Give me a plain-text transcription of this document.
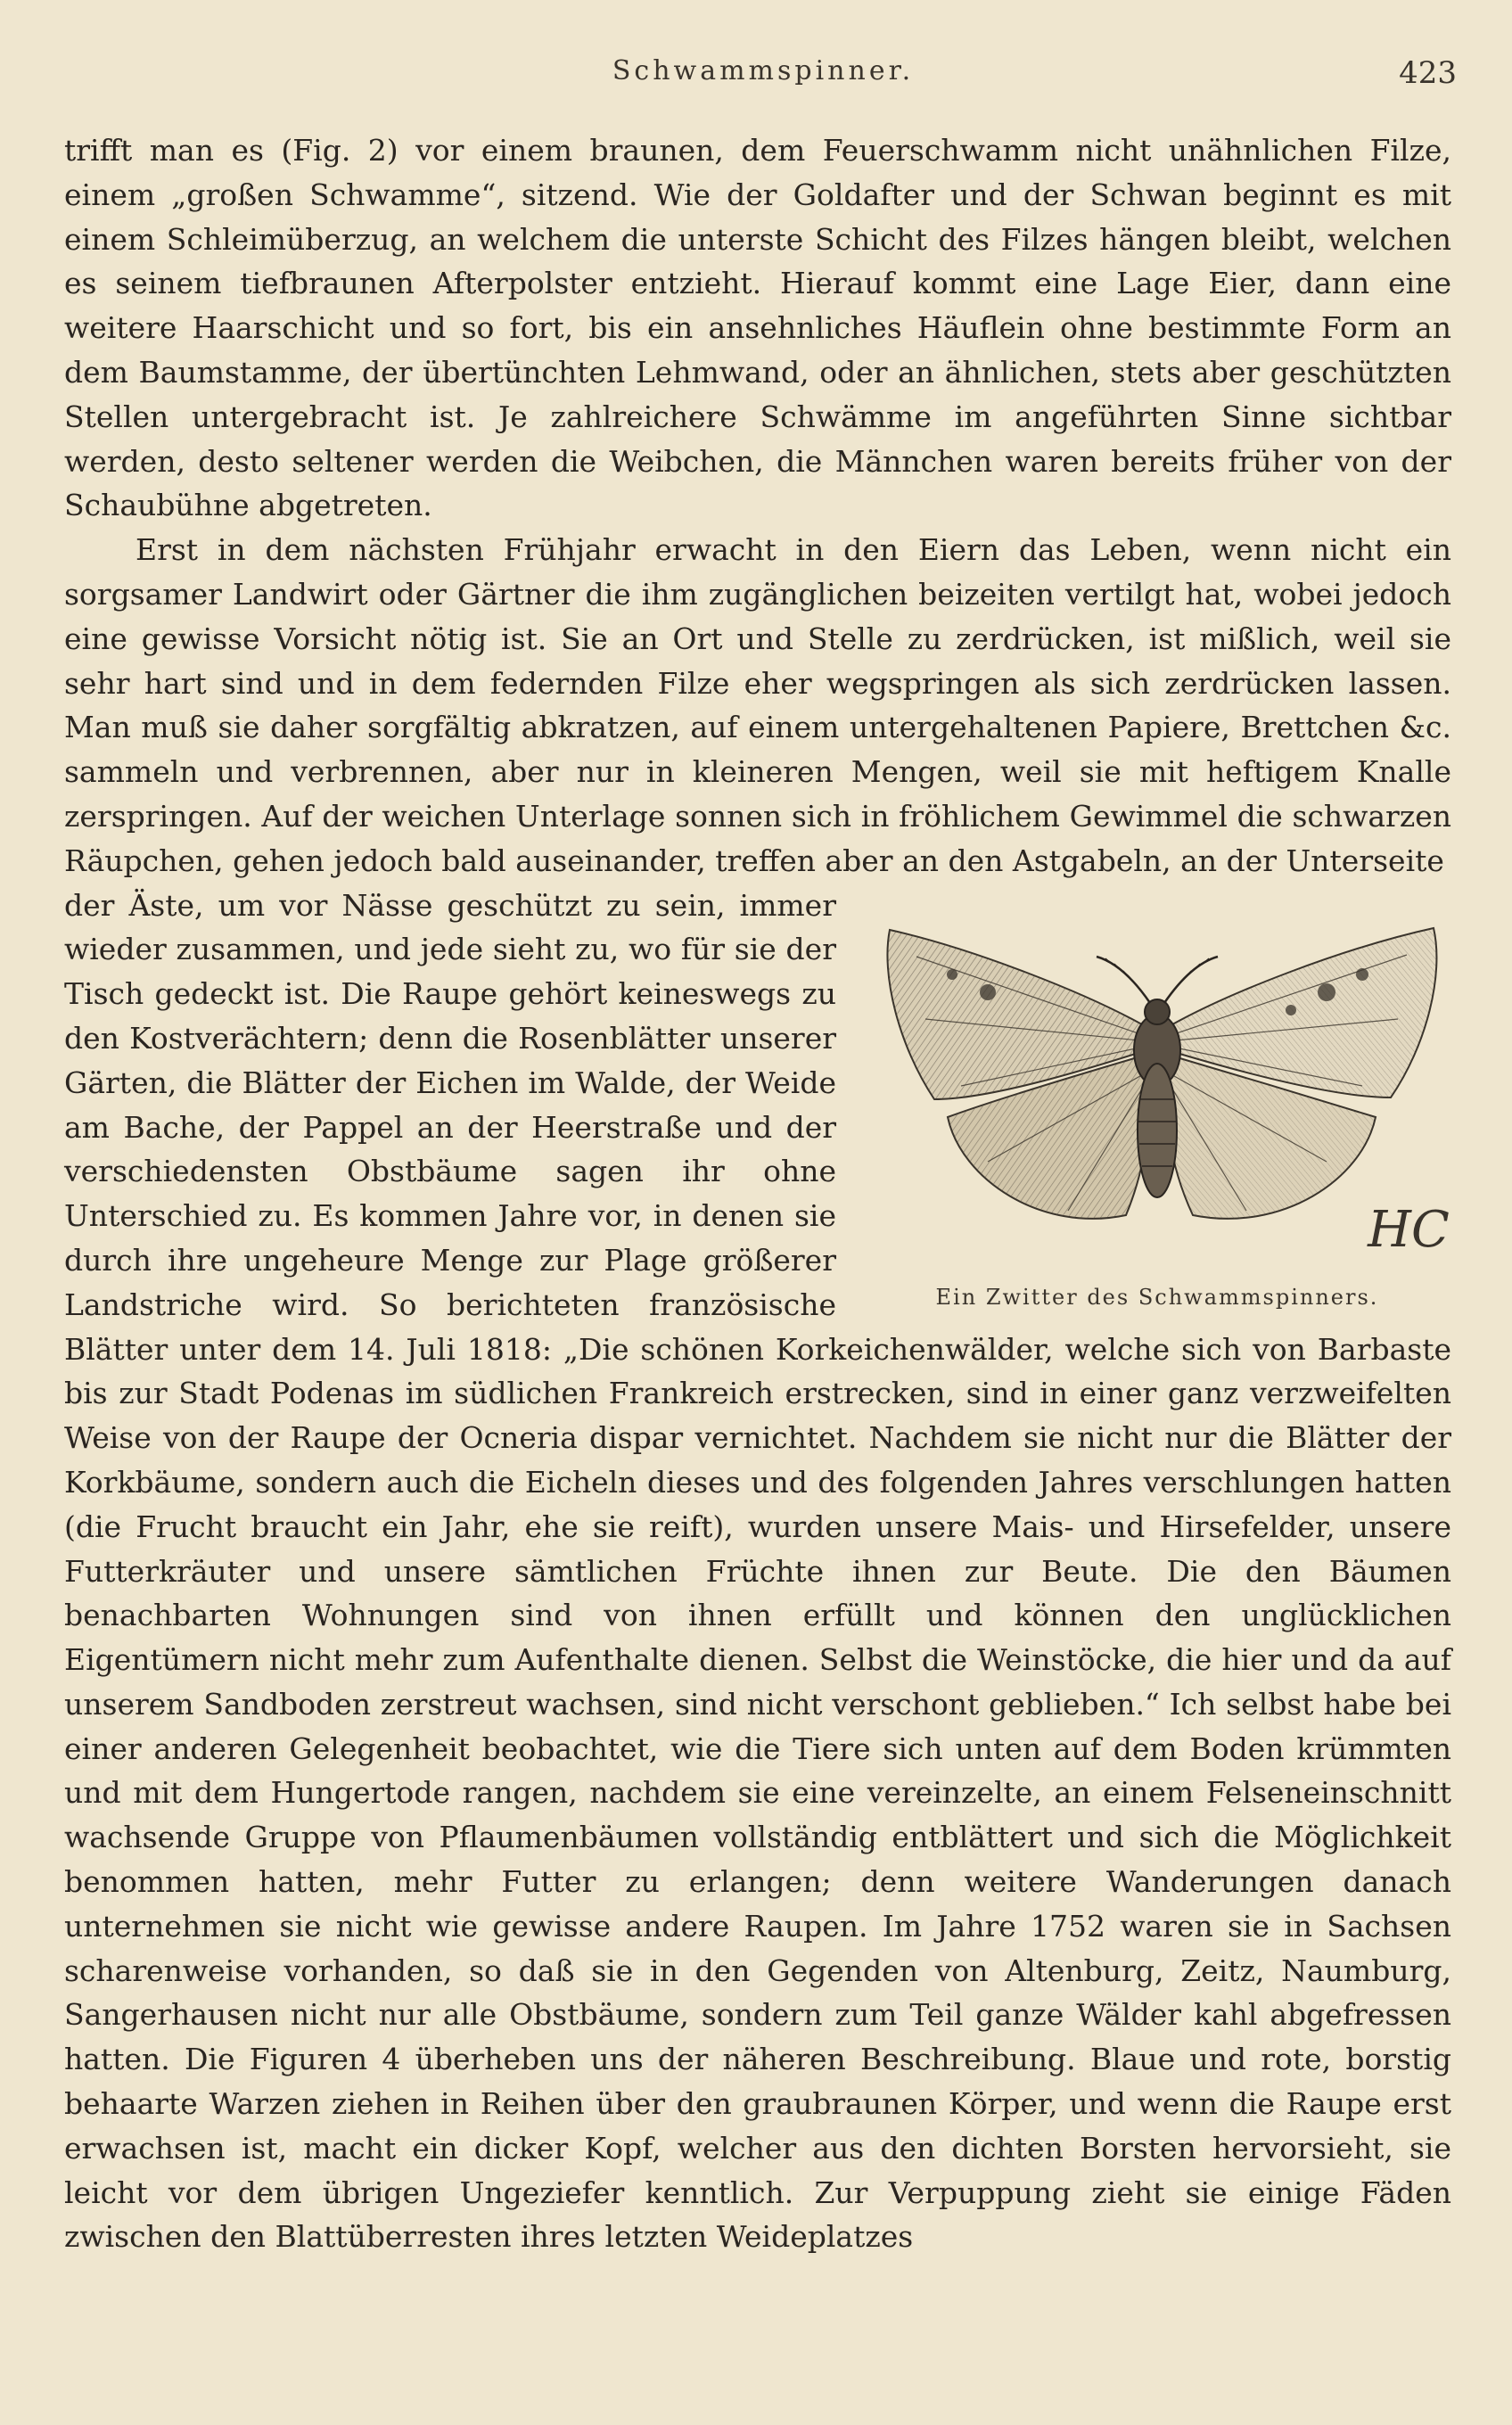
Schwammspinner.	423

trifft man es (Fig. 2) vor einem braunen, dem Feuerschwamm nicht unähnlichen Filze, einem „großen Schwamme“, sitzend. Wie der Goldafter und der Schwan beginnt es mit einem Schleimüberzug, an welchem die unterste Schicht des Filzes hängen bleibt, welchen es seinem tiefbraunen Afterpolster entzieht. Hierauf kommt eine Lage Eier, dann eine weitere Haarschicht und so fort, bis ein ansehnliches Häuflein ohne bestimmte Form an dem Baumstamme, der übertünchten Lehmwand, oder an ähnlichen, stets aber geschützten Stellen untergebracht ist. Je zahlreichere Schwämme im angeführten Sinne sichtbar werden, desto seltener werden die Weibchen, die Männchen waren bereits früher von der Schaubühne abgetreten.

Erst in dem nächsten Frühjahr erwacht in den Eiern das Leben, wenn nicht ein sorgsamer Landwirt oder Gärtner die ihm zugänglichen beizeiten vertilgt hat, wobei jedoch eine gewisse Vorsicht nötig ist. Sie an Ort und Stelle zu zerdrücken, ist mißlich, weil sie sehr hart sind und in dem federnden Filze eher wegspringen als sich zerdrücken lassen. Man muß sie daher sorgfältig abkratzen, auf einem untergehaltenen Papiere, Brettchen &c. sammeln und verbrennen, aber nur in kleineren Mengen, weil sie mit heftigem Knalle zerspringen. Auf der weichen Unterlage sonnen sich in fröhlichem Gewimmel die schwarzen Räupchen, gehen jedoch bald auseinander, treffen aber an den Astgabeln, an der Unterseite

HC
Ein Zwitter des Schwammspinners.

der Äste, um vor Nässe geschützt zu sein, immer wieder zusammen, und jede sieht zu, wo für sie der Tisch gedeckt ist. Die Raupe gehört keineswegs zu den Kostverächtern; denn die Rosenblätter unserer Gärten, die Blätter der Eichen im Walde, der Weide am Bache, der Pappel an der Heerstraße und der verschiedensten Obstbäume sagen ihr ohne Unterschied zu. Es kommen Jahre vor, in denen sie durch ihre ungeheure Menge zur Plage größerer Landstriche wird. So berichteten französische Blätter unter dem 14. Juli 1818: „Die schönen Korkeichenwälder, welche sich von Barbaste bis zur Stadt Podenas im südlichen Frankreich erstrecken, sind in einer ganz verzweifelten Weise von der Raupe der Ocneria dispar vernichtet. Nachdem sie nicht nur die Blätter der Korkbäume, sondern auch die Eicheln dieses und des folgenden Jahres verschlungen hatten (die Frucht braucht ein Jahr, ehe sie reift), wurden unsere Mais- und Hirsefelder, unsere Futterkräuter und unsere sämtlichen Früchte ihnen zur Beute. Die den Bäumen benachbarten Wohnungen sind von ihnen erfüllt und können den unglücklichen Eigentümern nicht mehr zum Aufenthalte dienen. Selbst die Weinstöcke, die hier und da auf unserem Sandboden zerstreut wachsen, sind nicht verschont geblieben.“ Ich selbst habe bei einer anderen Gelegenheit beobachtet, wie die Tiere sich unten auf dem Boden krümmten und mit dem Hungertode rangen, nachdem sie eine vereinzelte, an einem Felseneinschnitt wachsende Gruppe von Pflaumenbäumen vollständig entblättert und sich die Möglichkeit benommen hatten, mehr Futter zu erlangen; denn weitere Wanderungen danach unternehmen sie nicht wie gewisse andere Raupen. Im Jahre 1752 waren sie in Sachsen scharenweise vorhanden, so daß sie in den Gegenden von Altenburg, Zeitz, Naumburg, Sangerhausen nicht nur alle Obstbäume, sondern zum Teil ganze Wälder kahl abgefressen hatten. Die Figuren 4 überheben uns der näheren Beschreibung. Blaue und rote, borstig behaarte Warzen ziehen in Reihen über den graubraunen Körper, und wenn die Raupe erst erwachsen ist, macht ein dicker Kopf, welcher aus den dichten Borsten hervorsieht, sie leicht vor dem übrigen Ungeziefer kenntlich. Zur Verpuppung zieht sie einige Fäden zwischen den Blattüberresten ihres letzten Weideplatzes
